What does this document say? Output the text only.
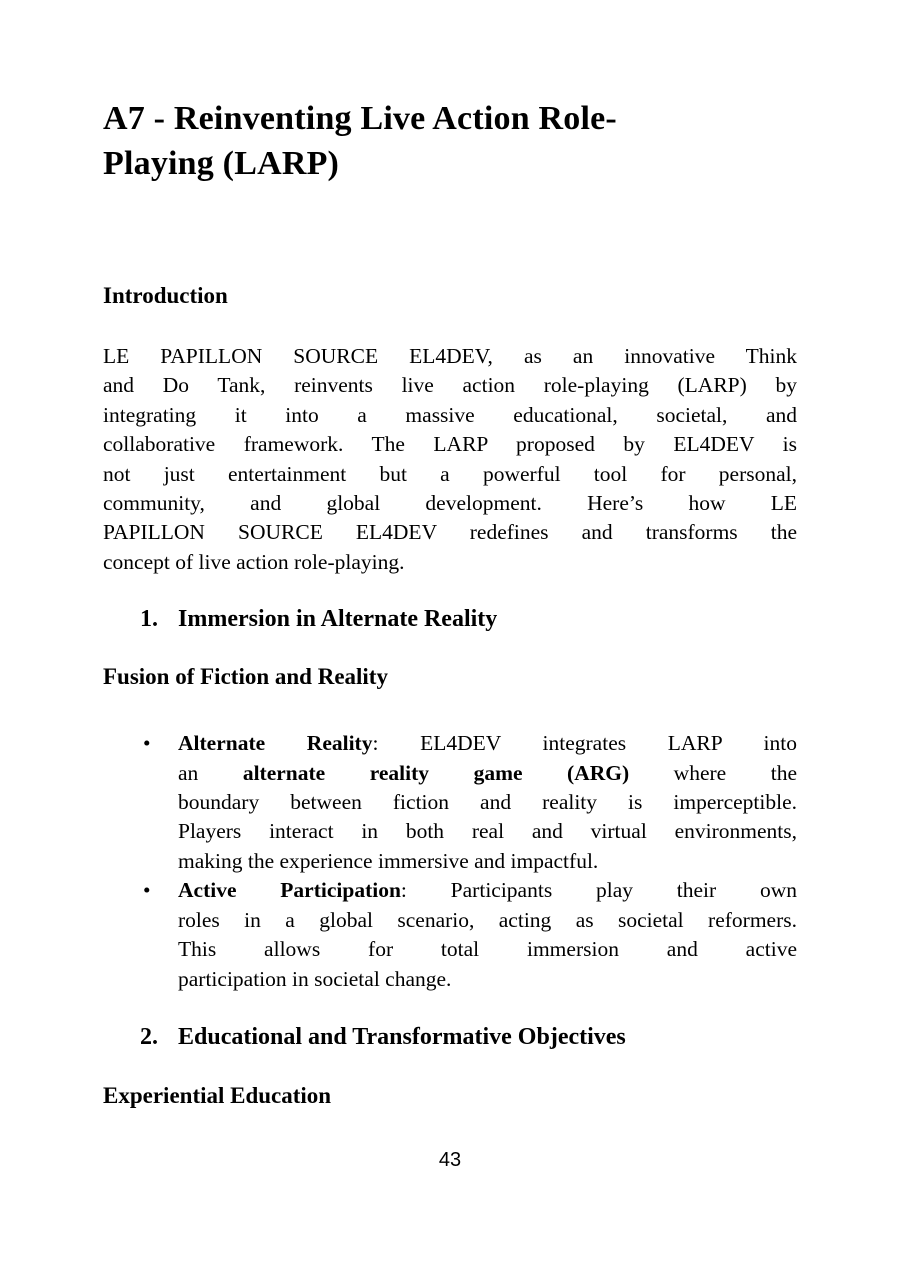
A7 - Reinventing Live Action Role-
Playing (LARP)
Introduction
LE PAPILLON SOURCE EL4DEV, as an innovative Think
and Do Tank, reinvents live action role-playing (LARP) by
integrating it into a massive educational, societal, and
collaborative framework. The LARP proposed by EL4DEV is
not just entertainment but a powerful tool for personal,
community, and global development. Here’s how LE
PAPILLON SOURCE EL4DEV redefines and transforms the
concept of live action role-playing.
1. Immersion in Alternate Reality
Fusion of Fiction and Reality
• Alternate Reality: EL4DEV integrates LARP into
an alternate reality game (ARG) where the
boundary between fiction and reality is imperceptible.
Players interact in both real and virtual environments,
making the experience immersive and impactful.
• Active Participation: Participants play their own
roles in a global scenario, acting as societal reformers.
This allows for total immersion and active
participation in societal change.
2. Educational and Transformative Objectives
Experiential Education
43
